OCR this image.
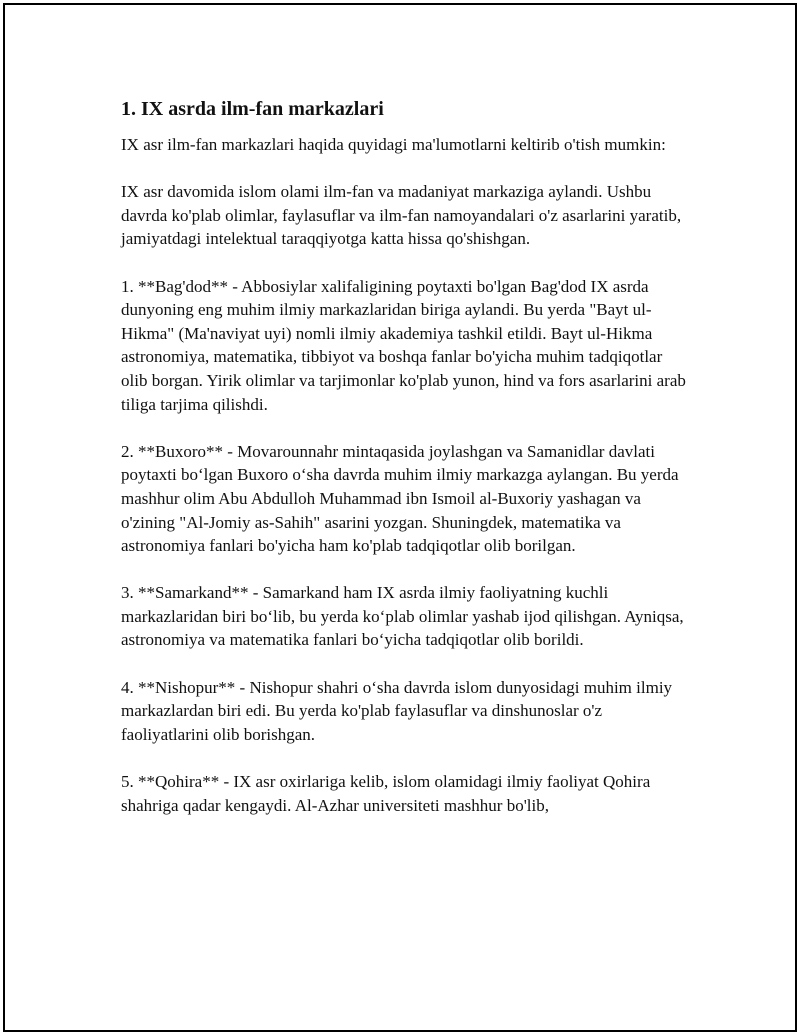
1. IX asrda ilm-fan markazlari

IX asr ilm-fan markazlari haqida quyidagi ma'lumotlarni keltirib o'tish mumkin:

IX asr davomida islom olami ilm-fan va madaniyat markaziga aylandi. Ushbu davrda ko'plab olimlar, faylasuflar va ilm-fan namoyandalari o'z asarlarini yaratib, jamiyatdagi intelektual taraqqiyotga katta hissa qo'shishgan.

1. **Bag'dod** - Abbosiylar xalifaligining poytaxti bo'lgan Bag'dod IX asrda dunyoning eng muhim ilmiy markazlaridan biriga aylandi. Bu yerda "Bayt ul-Hikma" (Ma'naviyat uyi) nomli ilmiy akademiya tashkil etildi. Bayt ul-Hikma astronomiya, matematika, tibbiyot va boshqa fanlar bo'yicha muhim tadqiqotlar olib borgan. Yirik olimlar va tarjimonlar ko'plab yunon, hind va fors asarlarini arab tiliga tarjima qilishdi.

2. **Buxoro** - Movarounnahr mintaqasida joylashgan va Samanidlar davlati poytaxti bo‘lgan Buxoro o‘sha davrda muhim ilmiy markazga aylangan. Bu yerda mashhur olim Abu Abdulloh Muhammad ibn Ismoil al-Buxoriy yashagan va o'zining "Al-Jomiy as-Sahih" asarini yozgan. Shuningdek, matematika va astronomiya fanlari bo'yicha ham ko'plab tadqiqotlar olib borilgan.

3. **Samarkand** - Samarkand ham IX asrda ilmiy faoliyatning kuchli markazlaridan biri bo‘lib, bu yerda ko‘plab olimlar yashab ijod qilishgan. Ayniqsa, astronomiya va matematika fanlari bo‘yicha tadqiqotlar olib borildi.

4. **Nishopur** - Nishopur shahri o‘sha davrda islom dunyosidagi muhim ilmiy markazlardan biri edi. Bu yerda ko'plab faylasuflar va dinshunoslar o'z faoliyatlarini olib borishgan.

5. **Qohira** - IX asr oxirlariga kelib, islom olamidagi ilmiy faoliyat Qohira shahriga qadar kengaydi. Al-Azhar universiteti mashhur bo'lib,
